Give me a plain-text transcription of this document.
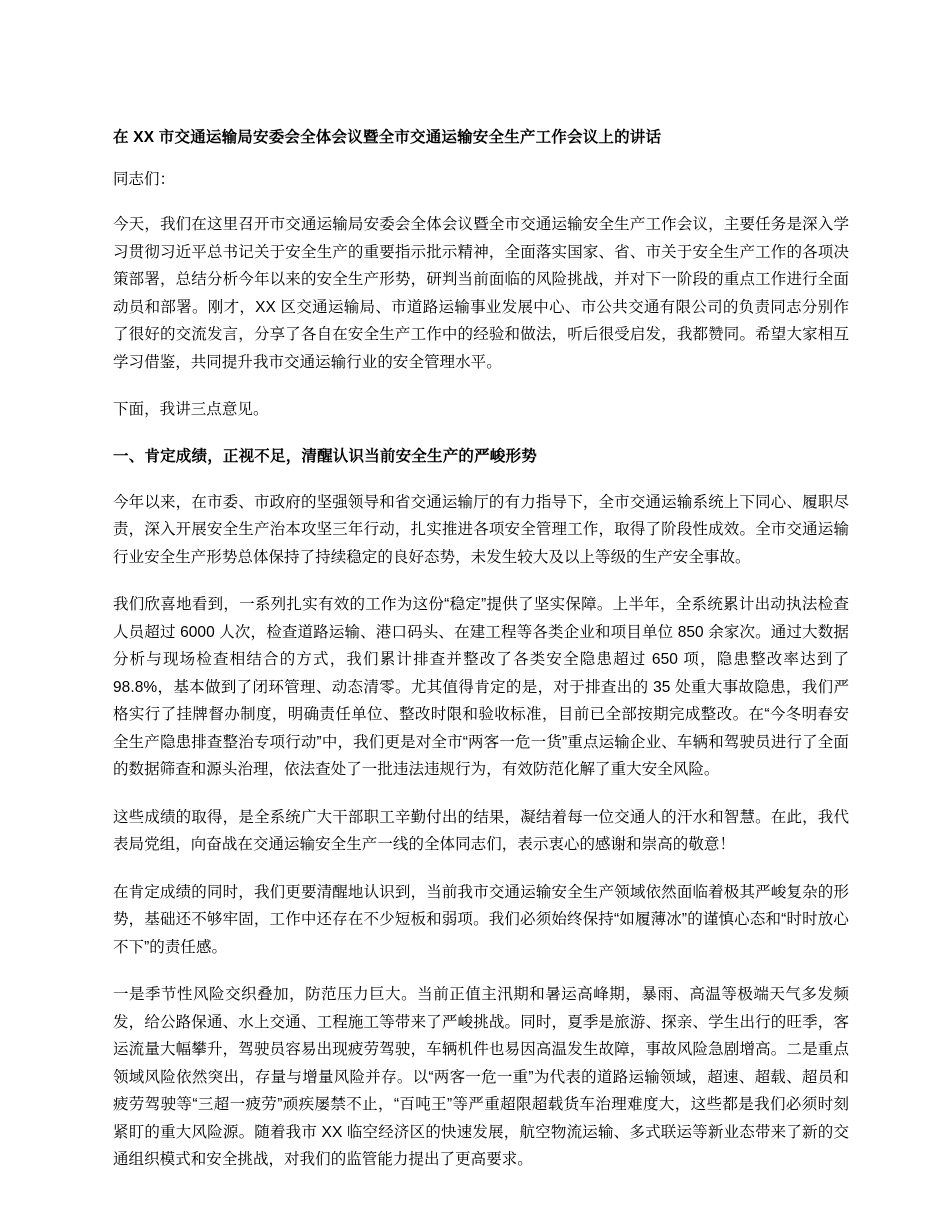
在 XX 市交通运输局安委会全体会议暨全市交通运输安全生产工作会议上的讲话

同志们：

今天，我们在这里召开市交通运输局安委会全体会议暨全市交通运输安全生产工作会议，主要任务是深入学习贯彻习近平总书记关于安全生产的重要指示批示精神，全面落实国家、省、市关于安全生产工作的各项决策部署，总结分析今年以来的安全生产形势，研判当前面临的风险挑战，并对下一阶段的重点工作进行全面动员和部署。刚才，XX 区交通运输局、市道路运输事业发展中心、市公共交通有限公司的负责同志分别作了很好的交流发言，分享了各自在安全生产工作中的经验和做法，听后很受启发，我都赞同。希望大家相互学习借鉴，共同提升我市交通运输行业的安全管理水平。

下面，我讲三点意见。

一、肯定成绩，正视不足，清醒认识当前安全生产的严峻形势

今年以来，在市委、市政府的坚强领导和省交通运输厅的有力指导下，全市交通运输系统上下同心、履职尽责，深入开展安全生产治本攻坚三年行动，扎实推进各项安全管理工作，取得了阶段性成效。全市交通运输行业安全生产形势总体保持了持续稳定的良好态势，未发生较大及以上等级的生产安全事故。

我们欣喜地看到，一系列扎实有效的工作为这份“稳定”提供了坚实保障。上半年，全系统累计出动执法检查人员超过 6000 人次，检查道路运输、港口码头、在建工程等各类企业和项目单位 850 余家次。通过大数据分析与现场检查相结合的方式，我们累计排查并整改了各类安全隐患超过 650 项，隐患整改率达到了 98.8%，基本做到了闭环管理、动态清零。尤其值得肯定的是，对于排查出的 35 处重大事故隐患，我们严格实行了挂牌督办制度，明确责任单位、整改时限和验收标准，目前已全部按期完成整改。在“今冬明春安全生产隐患排查整治专项行动”中，我们更是对全市“两客一危一货”重点运输企业、车辆和驾驶员进行了全面的数据筛查和源头治理，依法查处了一批违法违规行为，有效防范化解了重大安全风险。

这些成绩的取得，是全系统广大干部职工辛勤付出的结果，凝结着每一位交通人的汗水和智慧。在此，我代表局党组，向奋战在交通运输安全生产一线的全体同志们，表示衷心的感谢和崇高的敬意！

在肯定成绩的同时，我们更要清醒地认识到，当前我市交通运输安全生产领域依然面临着极其严峻复杂的形势，基础还不够牢固，工作中还存在不少短板和弱项。我们必须始终保持“如履薄冰”的谨慎心态和“时时放心不下”的责任感。

一是季节性风险交织叠加，防范压力巨大。当前正值主汛期和暑运高峰期，暴雨、高温等极端天气多发频发，给公路保通、水上交通、工程施工等带来了严峻挑战。同时，夏季是旅游、探亲、学生出行的旺季，客运流量大幅攀升，驾驶员容易出现疲劳驾驶，车辆机件也易因高温发生故障，事故风险急剧增高。二是重点领域风险依然突出，存量与增量风险并存。以“两客一危一重”为代表的道路运输领域，超速、超载、超员和疲劳驾驶等“三超一疲劳”顽疾屡禁不止，“百吨王”等严重超限超载货车治理难度大，这些都是我们必须时刻紧盯的重大风险源。随着我市 XX 临空经济区的快速发展，航空物流运输、多式联运等新业态带来了新的交通组织模式和安全挑战，对我们的监管能力提出了更高要求。
